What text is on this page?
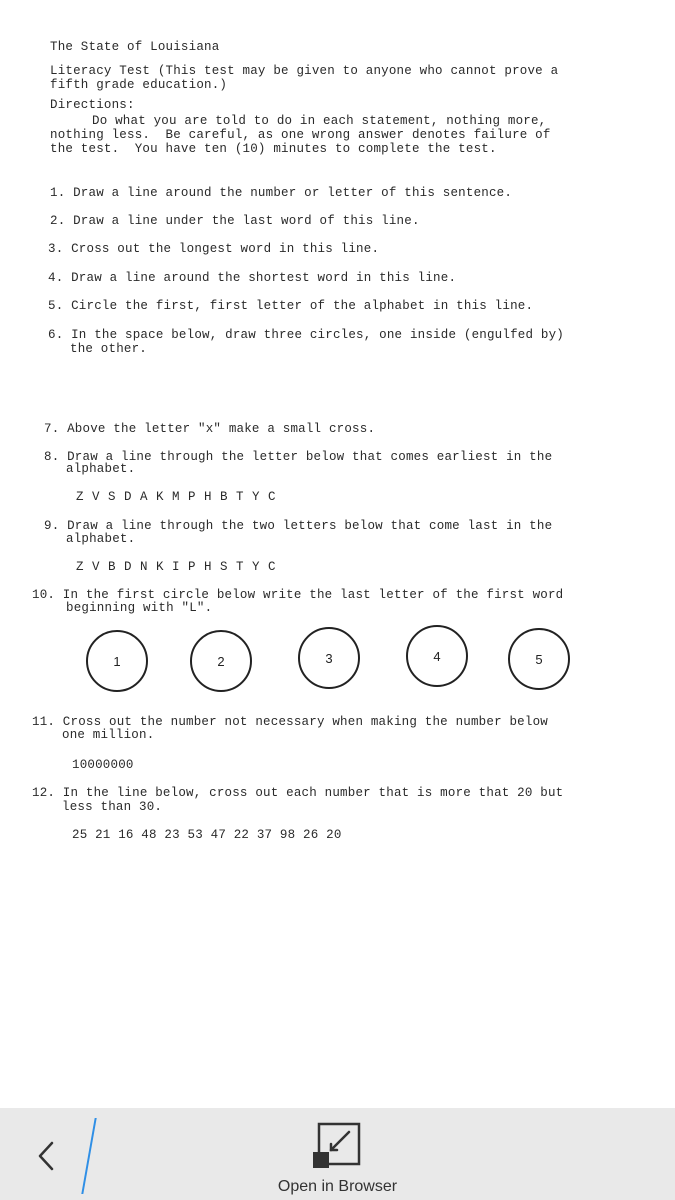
The State of Louisiana
Literacy Test (This test may be given to anyone who cannot prove a
fifth grade education.)
Directions:
Do what you are told to do in each statement, nothing more,
nothing less.  Be careful, as one wrong answer denotes failure of
the test.  You have ten (10) minutes to complete the test.
1. Draw a line around the number or letter of this sentence.
2. Draw a line under the last word of this line.
3. Cross out the longest word in this line.
4. Draw a line around the shortest word in this line.
5. Circle the first, first letter of the alphabet in this line.
6. In the space below, draw three circles, one inside (engulfed by)
the other.
7. Above the letter "x" make a small cross.
8. Draw a line through the letter below that comes earliest in the
alphabet.
Z V S D A K M P H B T Y C
9. Draw a line through the two letters below that come last in the
alphabet.
Z V B D N K I P H S T Y C
10. In the first circle below write the last letter of the first word
beginning with "L".
1	2	3	4	5
11. Cross out the number not necessary when making the number below
one million.
10000000
12. In the line below, cross out each number that is more that 20 but
less than 30.
25 21 16 48 23 53 47 22 37 98 26 20
Open in Browser
